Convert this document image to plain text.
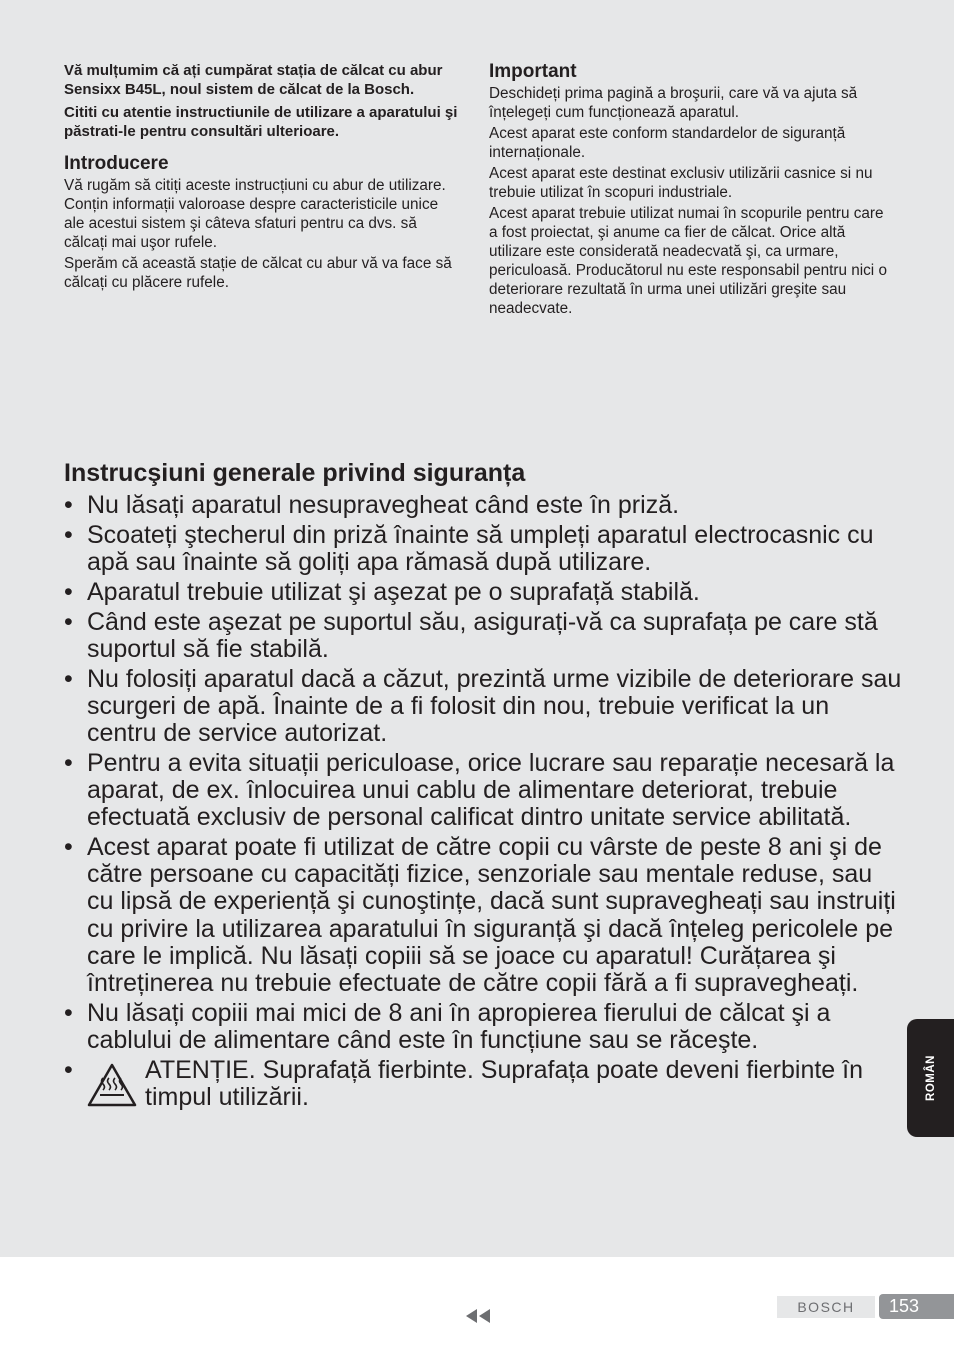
Vă mulțumim că ați cumpărat stația de călcat cu abur Sensixx B45L, noul sistem de călcat de la Bosch.

Cititi cu atentie instructiunile de utilizare a aparatului şi păstrati-le pentru consultări ulterioare.

Introducere

Vă rugăm să citiți aceste instrucțiuni cu abur de utilizare. Conțin informații valoroase despre caracteristicile unice ale acestui sistem şi câteva sfaturi pentru ca dvs. să călcați mai uşor rufele.

Sperăm că această stație de călcat cu abur vă va face să călcați cu plăcere rufele.

Important

Deschideți prima pagină a broşurii, care vă va ajuta să înțelegeți cum funcționează aparatul.

Acest aparat este conform standardelor de siguranță internaționale.

Acest aparat este destinat exclusiv utilizării casnice si nu trebuie utilizat în scopuri industriale.

Acest aparat trebuie utilizat numai în scopurile pentru care a fost proiectat, şi anume ca fier de călcat. Orice altă utilizare este considerată neadecvată şi, ca urmare, periculoasă. Producătorul nu este responsabil pentru nici o deteriorare rezultată în urma unei utilizări greşite sau neadecvate.

Instrucşiuni generale privind siguranța
• Nu lăsați aparatul nesupravegheat când este în priză.
• Scoateți ştecherul din priză înainte să umpleți aparatul electrocasnic cu apă sau înainte să goliți apa rămasă după utilizare.
• Aparatul trebuie utilizat şi aşezat pe o suprafață stabilă.
• Când este aşezat pe suportul său, asigurați-vă ca suprafața pe care stă suportul să fie stabilă.
• Nu folosiți aparatul dacă a căzut, prezintă urme vizibile de deteriorare sau scurgeri de apă. Înainte de a fi folosit din nou, trebuie verificat la un centru de service autorizat.
• Pentru a evita situații periculoase, orice lucrare sau reparație necesară la aparat, de ex. înlocuirea unui cablu de alimentare deteriorat, trebuie efectuată exclusiv de personal calificat dintro unitate service abilitată.
• Acest aparat poate fi utilizat de către copii cu vârste de peste 8 ani şi de către persoane cu capacități fizice, senzoriale sau mentale reduse, sau cu lipsă de experiență şi cunoştințe, dacă sunt supravegheați sau instruiți cu privire la utilizarea aparatului în siguranță şi dacă înțeleg pericolele pe care le implică. Nu lăsați copiii să se joace cu aparatul! Curățarea şi întreținerea nu trebuie efectuate de către copii fără a fi supravegheați.
• Nu lăsați copiii mai mici de 8 ani în apropierea fierului de călcat şi a cablului de alimentare când este în funcțiune sau se răceşte.
•	ATENȚIE. Suprafață fierbinte. Suprafața poate deveni fierbinte în timpul utilizării.	ROMÂN
BOSCH	153
